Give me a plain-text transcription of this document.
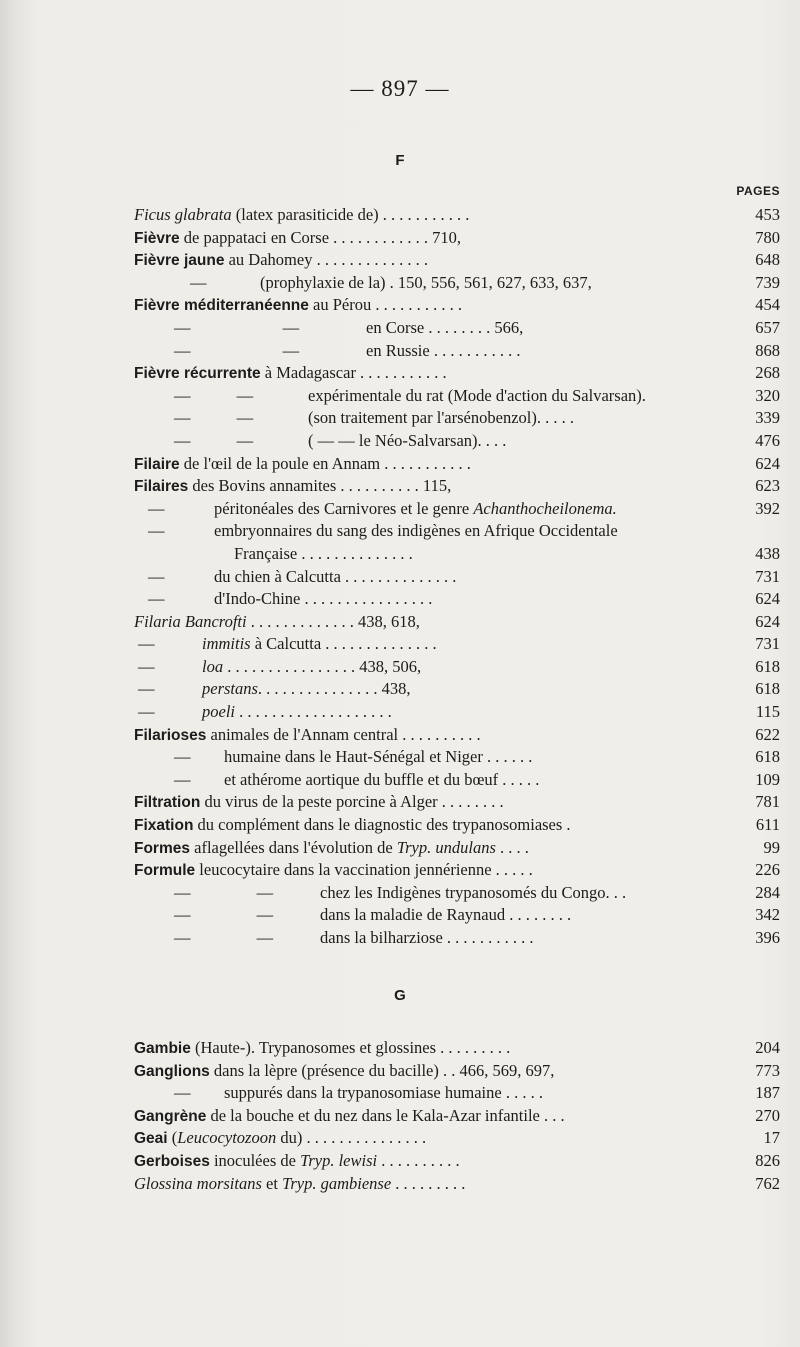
— 897 —
F
PAGES
Ficus glabrata (latex parasiticide de) . . . . . . . . . . .	453
Fièvre de pappataci en Corse . . . . . . . . . . . . 710,	780
Fièvre jaune au Dahomey . . . . . . . . . . . . . .	648
—	(prophylaxie de la) . 150, 556, 561, 627, 633, 637,	739
Fièvre méditerranéenne au Pérou . . . . . . . . . . .	454
— —	en Corse . . . . . . . . 566,	657
— —	en Russie . . . . . . . . . . .	868
Fièvre récurrente à Madagascar . . . . . . . . . . .	268
— —	expérimentale du rat (Mode d'action du Salvarsan).	320
— —	(son traitement par l'arsénobenzol). . . . .	339
— —	( — — le Néo-Salvarsan). . . .	476
Filaire de l'œil de la poule en Annam . . . . . . . . . . .	624
Filaires des Bovins annamites . . . . . . . . . . 115,	623
—	péritonéales des Carnivores et le genre Achanthocheilonema.	392
—	embryonnaires du sang des indigènes en Afrique Occidentale
Française . . . . . . . . . . . . . .	438
—	du chien à Calcutta . . . . . . . . . . . . . .	731
—	d'Indo-Chine . . . . . . . . . . . . . . . .	624
Filaria Bancrofti . . . . . . . . . . . . . 438, 618,	624
—	immitis à Calcutta . . . . . . . . . . . . . .	731
—	loa . . . . . . . . . . . . . . . . 438, 506,	618
—	perstans. . . . . . . . . . . . . . . 438,	618
—	poeli . . . . . . . . . . . . . . . . . . .	115
Filarioses animales de l'Annam central . . . . . . . . . .	622
— humaine dans le Haut-Sénégal et Niger . . . . . .	618
— et athérome aortique du buffle et du bœuf . . . . .	109
Filtration du virus de la peste porcine à Alger . . . . . . . .	781
Fixation du complément dans le diagnostic des trypanosomiases .	611
Formes aflagellées dans l'évolution de Tryp. undulans . . . .	99
Formule leucocytaire dans la vaccination jennérienne . . . . .	226
— —	chez les Indigènes trypanosomés du Congo. . .	284
— —	dans la maladie de Raynaud . . . . . . . .	342
— —	dans la bilharziose . . . . . . . . . . .	396
G
Gambie (Haute-). Trypanosomes et glossines . . . . . . . . .	204
Ganglions dans la lèpre (présence du bacille) . . 466, 569, 697,	773
— suppurés dans la trypanosomiase humaine . . . . .	187
Gangrène de la bouche et du nez dans le Kala-Azar infantile . . .	270
Geai (Leucocytozoon du) . . . . . . . . . . . . . . .	17
Gerboises inoculées de Tryp. lewisi . . . . . . . . . .	826
Glossina morsitans et Tryp. gambiense . . . . . . . . .	762
